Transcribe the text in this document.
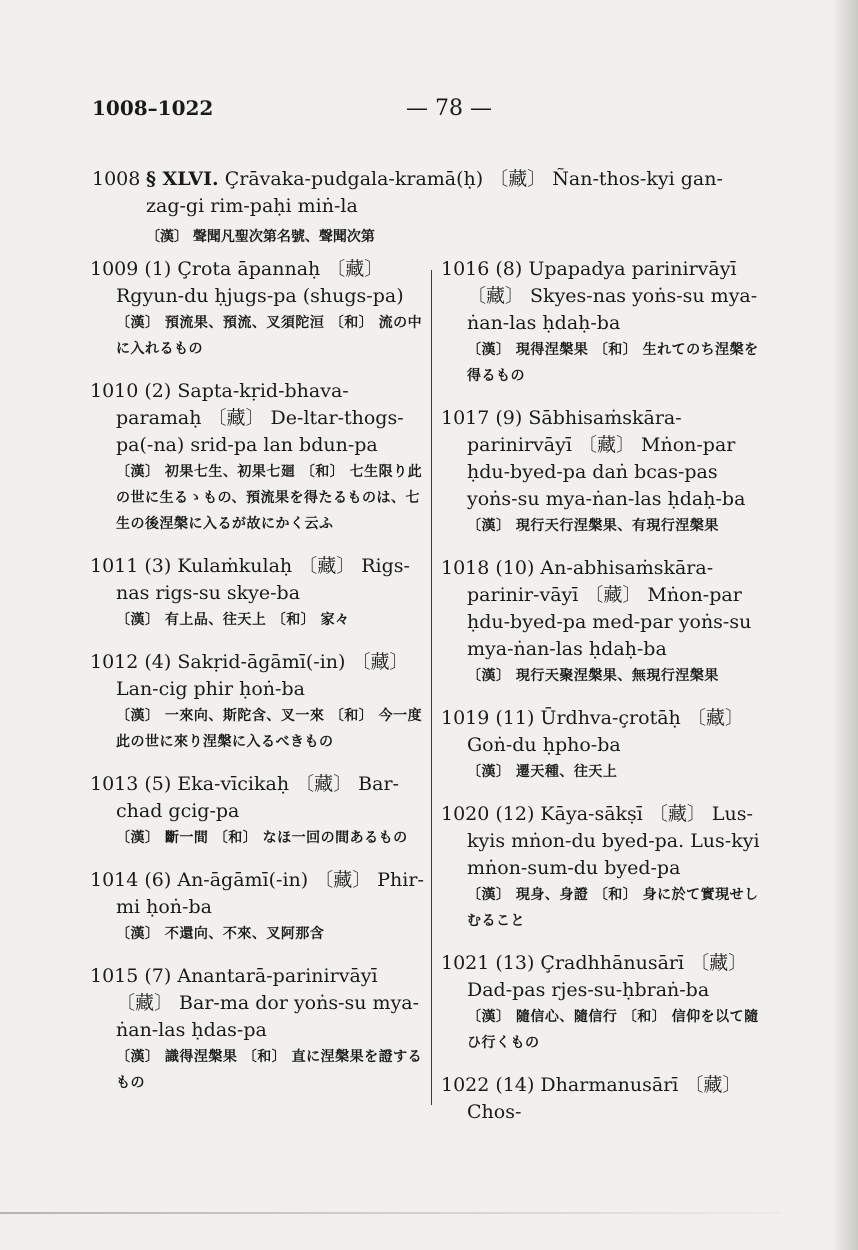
1008–1022	— 78 —
1008 § XLVI. Çrāvaka-pudgala-kramā(ḥ) 〔藏〕 Ñan-thos-kyi gan-zag-gi rim-paḥi miṅ-la
〔漢〕 聲聞凡聖次第名號、聲聞次第
1009 (1) Çrota āpannaḥ 〔藏〕 Rgyun-du ḥjugs-pa (shugs-pa)
〔漢〕 預流果、預流、叉須陀洹 〔和〕 流の中に入れるもの
1010 (2) Sapta-kṛid-bhava-paramaḥ 〔藏〕 De-ltar-thogs-pa(-na) srid-pa lan bdun-pa
〔漢〕 初果七生、初果七廻 〔和〕 七生限り此の世に生るゝもの、預流果を得たるものは、七生の後涅槃に入るが故にかく云ふ
1011 (3) Kulaṁkulaḥ 〔藏〕 Rigs-nas rigs-su skye-ba
〔漢〕 有上品、往天上 〔和〕 家々
1012 (4) Sakṛid-āgāmī(-in) 〔藏〕 Lan-cig phir ḥoṅ-ba
〔漢〕 一來向、斯陀含、叉一來 〔和〕 今一度此の世に來り涅槃に入るべきもの
1013 (5) Eka-vīcikaḥ 〔藏〕 Bar-chad gcig-pa
〔漢〕 斷一間 〔和〕 なほ一回の間あるもの
1014 (6) An-āgāmī(-in) 〔藏〕 Phir-mi ḥoṅ-ba
〔漢〕 不還向、不來、叉阿那含
1015 (7) Anantarā-parinirvāyī 〔藏〕 Bar-ma dor yoṅs-su mya-ṅan-las ḥdas-pa
〔漢〕 識得涅槃果 〔和〕 直に涅槃果を證するもの
1016 (8) Upapadya parinirvāyī 〔藏〕 Skyes-nas yoṅs-su mya-ṅan-las ḥdaḥ-ba
〔漢〕 現得涅槃果 〔和〕 生れてのち涅槃を得るもの
1017 (9) Sābhisaṁskāra-parinirvāyī 〔藏〕 Mṅon-par ḥdu-byed-pa daṅ bcas-pas yoṅs-su mya-ṅan-las ḥdaḥ-ba
〔漢〕 現行天行涅槃果、有現行涅槃果
1018 (10) An-abhisaṁskāra-parinir-vāyī 〔藏〕 Mṅon-par ḥdu-byed-pa med-par yoṅs-su mya-ṅan-las ḥdaḥ-ba
〔漢〕 現行天聚涅槃果、無現行涅槃果
1019 (11) Ūrdhva-çrotāḥ 〔藏〕 Goṅ-du ḥpho-ba
〔漢〕 遷天種、往天上
1020 (12) Kāya-sākṣī 〔藏〕 Lus-kyis mṅon-du byed-pa. Lus-kyi mṅon-sum-du byed-pa
〔漢〕 現身、身證 〔和〕 身に於て實現せしむること
1021 (13) Çradhhānusārī 〔藏〕 Dad-pas rjes-su-ḥbraṅ-ba
〔漢〕 隨信心、隨信行 〔和〕 信仰を以て隨ひ行くもの
1022 (14) Dharmanusārī 〔藏〕 Chos-
